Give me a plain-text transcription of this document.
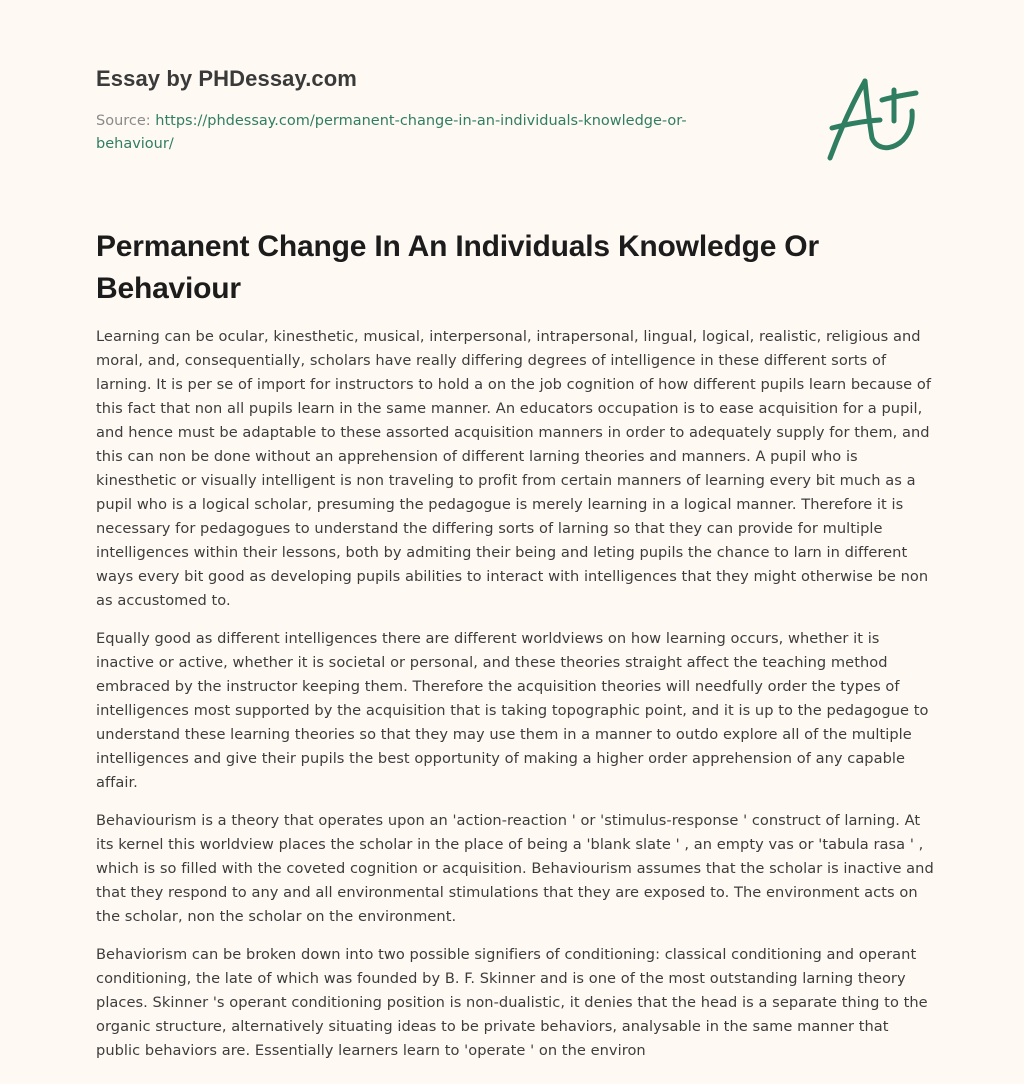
Essay by PHDessay.com
Source: https://phdessay.com/permanent-change-in-an-individuals-knowledge-or-behaviour/
Permanent Change In An Individuals Knowledge Or Behaviour

Learning can be ocular, kinesthetic, musical, interpersonal, intrapersonal, lingual, logical, realistic, religious and moral, and, consequentially, scholars have really differing degrees of intelligence in these different sorts of larning. It is per se of import for instructors to hold a on the job cognition of how different pupils learn because of this fact that non all pupils learn in the same manner. An educators occupation is to ease acquisition for a pupil, and hence must be adaptable to these assorted acquisition manners in order to adequately supply for them, and this can non be done without an apprehension of different larning theories and manners. A pupil who is kinesthetic or visually intelligent is non traveling to profit from certain manners of learning every bit much as a pupil who is a logical scholar, presuming the pedagogue is merely learning in a logical manner. Therefore it is necessary for pedagogues to understand the differing sorts of larning so that they can provide for multiple intelligences within their lessons, both by admiting their being and leting pupils the chance to larn in different ways every bit good as developing pupils abilities to interact with intelligences that they might otherwise be non as accustomed to.

Equally good as different intelligences there are different worldviews on how learning occurs, whether it is inactive or active, whether it is societal or personal, and these theories straight affect the teaching method embraced by the instructor keeping them. Therefore the acquisition theories will needfully order the types of intelligences most supported by the acquisition that is taking topographic point, and it is up to the pedagogue to understand these learning theories so that they may use them in a manner to outdo explore all of the multiple intelligences and give their pupils the best opportunity of making a higher order apprehension of any capable affair.

Behaviourism is a theory that operates upon an 'action-reaction ' or 'stimulus-response ' construct of larning. At its kernel this worldview places the scholar in the place of being a 'blank slate ' , an empty vas or 'tabula rasa ' , which is so filled with the coveted cognition or acquisition. Behaviourism assumes that the scholar is inactive and that they respond to any and all environmental stimulations that they are exposed to. The environment acts on the scholar, non the scholar on the environment.

Behaviorism can be broken down into two possible signifiers of conditioning: classical conditioning and operant conditioning, the late of which was founded by B. F. Skinner and is one of the most outstanding larning theory places. Skinner 's operant conditioning position is non-dualistic, it denies that the head is a separate thing to the organic structure, alternatively situating ideas to be private behaviors, analysable in the same manner that public behaviors are. Essentially learners learn to 'operate ' on the environ
